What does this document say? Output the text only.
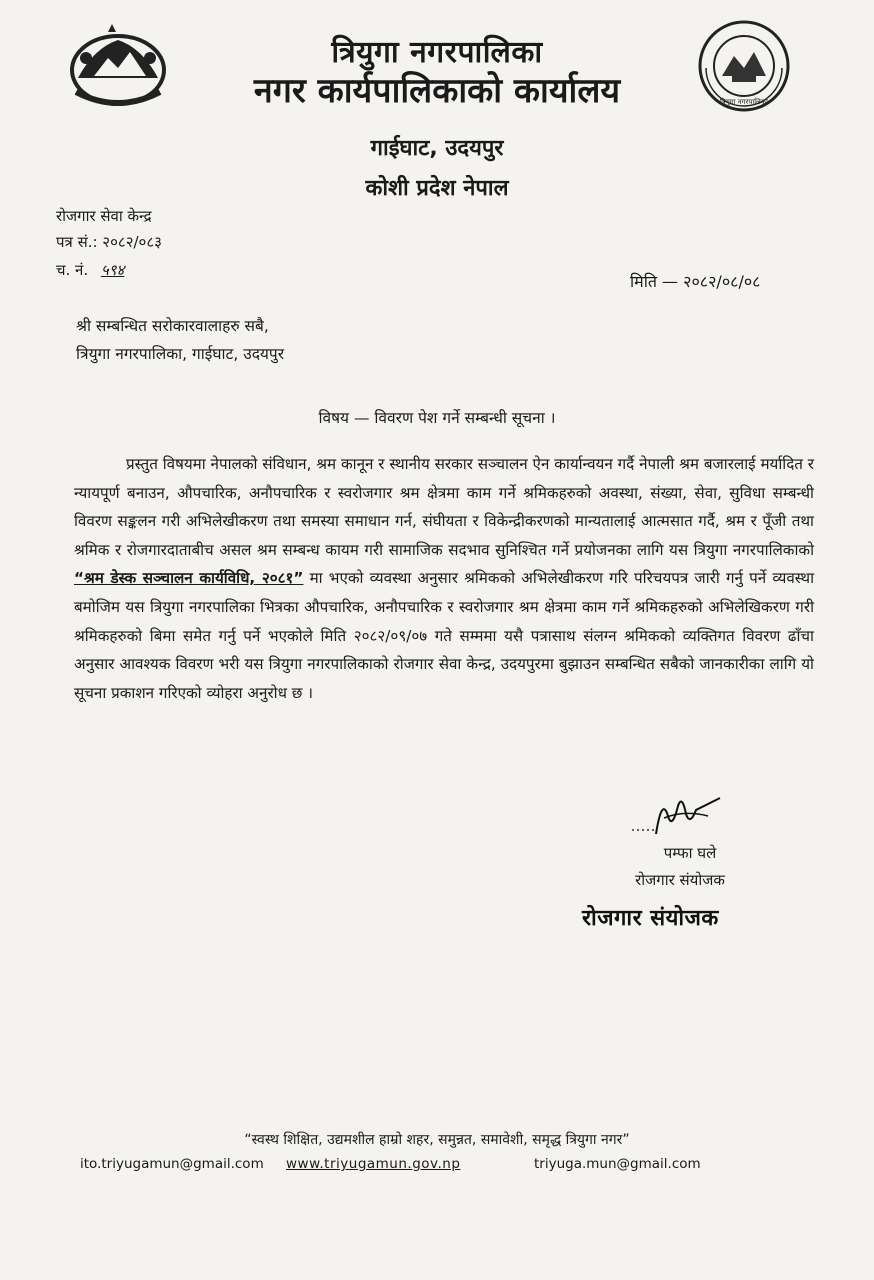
त्रियुगा नगरपालिका
त्रियुगा नगरपालिका
नगर कार्यपालिकाको कार्यालय
गाईघाट, उदयपुर
कोशी प्रदेश नेपाल
रोजगार सेवा केन्द्र
पत्र सं.: २०८२/०८३
च. नं. ५९४
मिति — २०८२/०८/०८
श्री सम्बन्धित सरोकारवालाहरु सबै,
त्रियुगा नगरपालिका, गाईघाट, उदयपुर
विषय — विवरण पेश गर्ने सम्बन्धी सूचना ।
प्रस्तुत विषयमा नेपालको संविधान, श्रम कानून र स्थानीय सरकार सञ्चालन ऐन कार्यान्वयन गर्दै नेपाली श्रम बजारलाई मर्यादित र न्यायपूर्ण बनाउन, औपचारिक, अनौपचारिक र स्वरोजगार श्रम क्षेत्रमा काम गर्ने श्रमिकहरुको अवस्था, संख्या, सेवा, सुविधा सम्बन्धी विवरण सङ्कलन गरी अभिलेखीकरण तथा समस्या समाधान गर्न, संघीयता र विकेन्द्रीकरणको मान्यतालाई आत्मसात गर्दै, श्रम र पूँजी तथा श्रमिक र रोजगारदाताबीच असल श्रम सम्बन्ध कायम गरी सामाजिक सदभाव सुनिश्चित गर्ने प्रयोजनका लागि यस त्रियुगा नगरपालिकाको “श्रम डेस्क सञ्चालन कार्यविधि, २०८१” मा भएको व्यवस्था अनुसार श्रमिकको अभिलेखीकरण गरि परिचयपत्र जारी गर्नु पर्ने व्यवस्था बमोजिम यस त्रियुगा नगरपालिका भित्रका औपचारिक, अनौपचारिक र स्वरोजगार श्रम क्षेत्रमा काम गर्ने श्रमिकहरुको अभिलेखिकरण गरी श्रमिकहरुको बिमा समेत गर्नु पर्ने भएकोले मिति २०८२/०९/०७ गते सम्ममा यसै पत्रासाथ संलग्न श्रमिकको व्यक्तिगत विवरण ढाँचा अनुसार आवश्यक विवरण भरी यस त्रियुगा नगरपालिकाको रोजगार सेवा केन्द्र, उदयपुरमा बुझाउन सम्बन्धित सबैको जानकारीका लागि यो सूचना प्रकाशन गरिएको व्योहरा अनुरोध छ ।
पम्फा घले
रोजगार संयोजक
रोजगार संयोजक
“स्वस्थ शिक्षित, उद्यमशील हाम्रो शहर, समुन्नत, समावेशी, समृद्ध त्रियुगा नगर”
ito.triyugamun@gmail.com www.triyugamun.gov.np	triyuga.mun@gmail.com
